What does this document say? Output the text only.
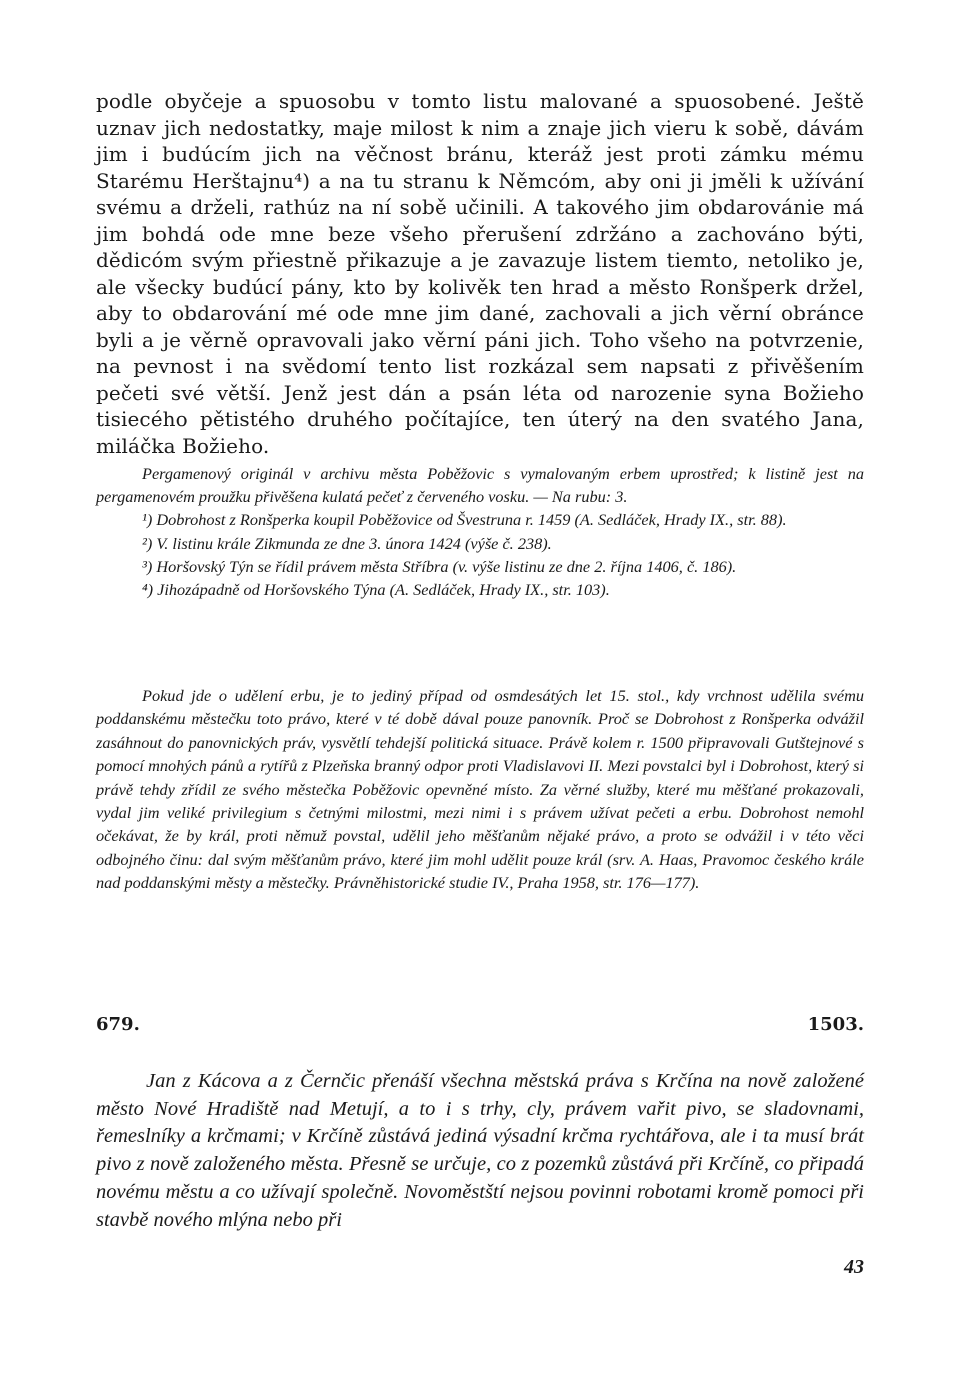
podle obyčeje a spuosobu v tomto listu malované a spuosobené. Ještě uznav jich nedostatky, maje milost k nim a znaje jich vieru k sobě, dávám jim i budúcím jich na věčnost bránu, kteráž jest proti zámku mému Starému Herštajnu⁴) a na tu stranu k Němcóm, aby oni ji jměli k užívání svému a drželi, rathúz na ní sobě učinili. A takového jim obdarovánie má jim bohdá ode mne beze všeho přerušení zdržáno a zachováno býti, dědicóm svým přiestně přikazuje a je zavazuje listem tiemto, netoliko je, ale všecky budúcí pány, kto by kolivěk ten hrad a město Ronšperk držel, aby to obdarování mé ode mne jim dané, zachovali a jich věrní obránce byli a je věrně opravovali jako věrní páni jich. Toho všeho na potvrzenie, na pevnost i na svědomí tento list rozkázal sem napsati z přivěšením pečeti své větší. Jenž jest dán a psán léta od narozenie syna Božieho tisiecého pětistého druhého počítajíce, ten úterý na den svatého Jana, miláčka Božieho.

Pergamenový originál v archivu města Poběžovic s vymalovaným erbem uprostřed; k listině jest na pergamenovém proužku přivěšena kulatá pečeť z červeného vosku. — Na rubu: 3.

¹) Dobrohost z Ronšperka koupil Poběžovice od Švestruna r. 1459 (A. Sedláček, Hrady IX., str. 88).

²) V. listinu krále Zikmunda ze dne 3. února 1424 (výše č. 238).

³) Horšovský Týn se řídil právem města Stříbra (v. výše listinu ze dne 2. října 1406, č. 186).

⁴) Jihozápadně od Horšovského Týna (A. Sedláček, Hrady IX., str. 103).

Pokud jde o udělení erbu, je to jediný případ od osmdesátých let 15. stol., kdy vrchnost udělila svému poddanskému městečku toto právo, které v té době dával pouze panovník. Proč se Dobrohost z Ronšperka odvážil zasáhnout do panovnických práv, vysvětlí tehdejší politická situace. Právě kolem r. 1500 připravovali Gutštejnové s pomocí mnohých pánů a rytířů z Plzeňska branný odpor proti Vladislavovi II. Mezi povstalci byl i Dobrohost, který si právě tehdy zřídil ze svého městečka Poběžovic opevněné místo. Za věrné služby, které mu měšťané prokazovali, vydal jim veliké privilegium s četnými milostmi, mezi nimi i s právem užívat pečeti a erbu. Dobrohost nemohl očekávat, že by král, proti němuž povstal, udělil jeho měšťanům nějaké právo, a proto se odvážil i v této věci odbojného činu: dal svým měšťanům právo, které jim mohl udělit pouze král (srv. A. Haas, Pravomoc českého krále nad poddanskými městy a městečky. Právněhistorické studie IV., Praha 1958, str. 176—177).

679.	1503.

Jan z Kácova a z Černčic přenáší všechna městská práva s Krčína na nově založené město Nové Hradiště nad Metují, a to i s trhy, cly, právem vařit pivo, se sladovnami, řemeslníky a krčmami; v Krčíně zůstává jediná výsadní krčma rychtářova, ale i ta musí brát pivo z nově založeného města. Přesně se určuje, co z pozemků zůstává při Krčíně, co připadá novému městu a co užívají společně. Novoměstští nejsou povinni robotami kromě pomoci při stavbě nového mlýna nebo při

43
